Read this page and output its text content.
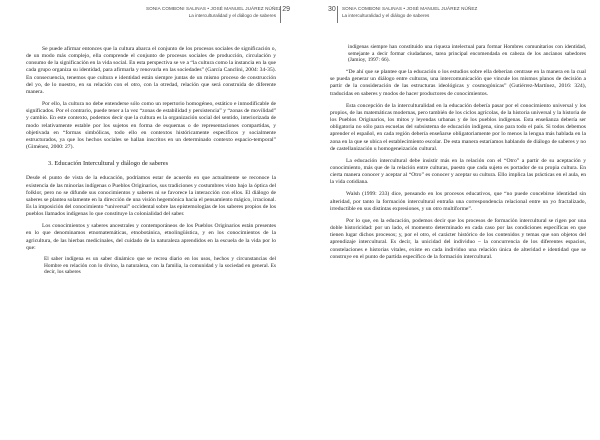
SONIA COMBONI SALINAS • JOSÉ MANUEL JUÁREZ NÚÑEZ
La interculturalidad y el diálogo de saberes
29

Se puede afirmar entonces que la cultura abarca el conjunto de los procesos sociales de significación o, de un modo más complejo, ella comprende el conjunto de procesos sociales de producción, circulación y consumo de la significación en la vida social. En esta perspectiva se ve a “la cultura como la instancia en la que cada grupo organiza su identidad, para afirmarla y renovarla en las sociedades” (García Canclini, 2004: 34-35). En consecuencia, tenemos que cultura e identidad están siempre juntas de un mismo proceso de construcción del yo, de lo nuestro, en su relación con el otro, con la otredad, relación que será construida de diferente manera.

Por ello, la cultura no debe entenderse sólo como un repertorio homogéneo, estático e inmodificable de significados. Por el contrario, puede tener a la vez “zonas de estabilidad y persistencia” y “zonas de movilidad” y cambio. En este contexto, podemos decir que la cultura es la organización social del sentido, interiorizada de modo relativamente estable por los sujetos en forma de esquemas o de representaciones compartidas, y objetivada en “formas simbólicas, todo ello en contextos históricamente específicos y socialmente estructurados, ya que los hechos sociales se hallan inscritos en un determinado contexto espacio-temporal” (Giménez, 2000: 27).

3. Educación Intercultural y diálogo de saberes

Desde el punto de vista de la educación, podríamos estar de acuerdo en que actualmente se reconoce la existencia de las minorías indígenas o Pueblos Originarios, sus tradiciones y costumbres visto bajo la óptica del folklor, pero no se difunde sus conocimientos y saberes ni se favorece la interacción con ellos. El diálogo de saberes se plantea solamente en la dirección de una visión hegemónica hacia el pensamiento mágico, irracional. Es la imposición del conocimiento “universal” occidental sobre las epistemologías de los saberes propios de los pueblos llamados indígenas lo que constituye la colonialidad del saber.

Los conocimientos y saberes ancestrales y contemporáneos de los Pueblos Originarios están presentes en lo que denominamos etnomatemáticas, etnobotánica, etnolingüística, y en los conocimientos de la agricultura, de las hierbas medicinales, del cuidado de la naturaleza aprendidos en la escuela de la vida por lo que:

El saber indígena es un saber dinámico que se recrea diario en los usos, hechos y circunstancias del Hombre en relación con lo divino, la naturaleza, con la familia, la comunidad y la sociedad en general. Es decir, los saberes

30 SONIA COMBONI SALINAS • JOSÉ MANUEL JUÁREZ NÚÑEZ
La interculturalidad y el diálogo de saberes

indígenas siempre han constituido una riqueza intelectual para formar Hombres comunitarios con identidad, semejante a decir formar ciudadanos, tarea principal encomendada en cabeza de los ancianos sabedores (Jamioy, 1997: 66).

“De ahí que se plantee que la educación o los estudios sobre ella deberían centrase en la manera en la cual se pueda generar un diálogo entre culturas, una intercomunicación que vincule los mismos planos de decisión a partir de la consideración de las estructuras ideológicas y cosmogónicas” (Gutiérrez-Martínez, 2016: 324), traducidas en saberes y modos de hacer productores de conocimientos.

Esta concepción de la interculturalidad en la educación debería pasar por el conocimiento universal y los propios, de las matemáticas modernas, pero también de los ciclos agrícolas, de la historia universal y la historia de los Pueblos Originarios, los mitos y leyendas urbanas y de los pueblos indígenas. Esta enseñanza debería ser obligatoria no sólo para escuelas del subsistema de educación indígena, sino para todo el país. Si todos debemos aprender el español, en cada región debería enseñarse obligatoriamente por lo menos la lengua más hablada en la zona en la que se ubica el establecimiento escolar. De esta manera estaríamos hablando de diálogo de saberes y no de castellanización u homogeneización cultural.

La educación intercultural debe insistir más en la relación con el “Otro” a partir de su aceptación y conocimiento, más que de la relación entre culturas, puesto que cada sujeto es portador de su propia cultura. En cierta manera conocer y aceptar al “Otro” es conocer y aceptar su cultura. Ello implica las prácticas en el aula, en la vida cotidiana.

Walsh (1999: 233) dice, pensando en los procesos educativos, que “no puede concebirse identidad sin alteridad, por tanto la formación intercultural entraña una correspondencia relacional entre un yo fractalizado, irreductible en sus distintas expresiones, y un otro multiforme”.

Por lo que, en la educación, podemos decir que los procesos de formación intercultural se rigen por una doble historicidad: por un lado, el momento determinado en cada caso por las condiciones específicas en que tienen lugar dichos procesos; y, por el otro, el carácter histórico de los contenidos y temas que son objetos del aprendizaje intercultural. Es decir, la unicidad del individuo – la concurrencia de los diferentes espacios, constelaciones e historias vitales, existe en cada individuo una relación única de alteridad e identidad que se construye en el punto de partida específico de la formación intercultural.
